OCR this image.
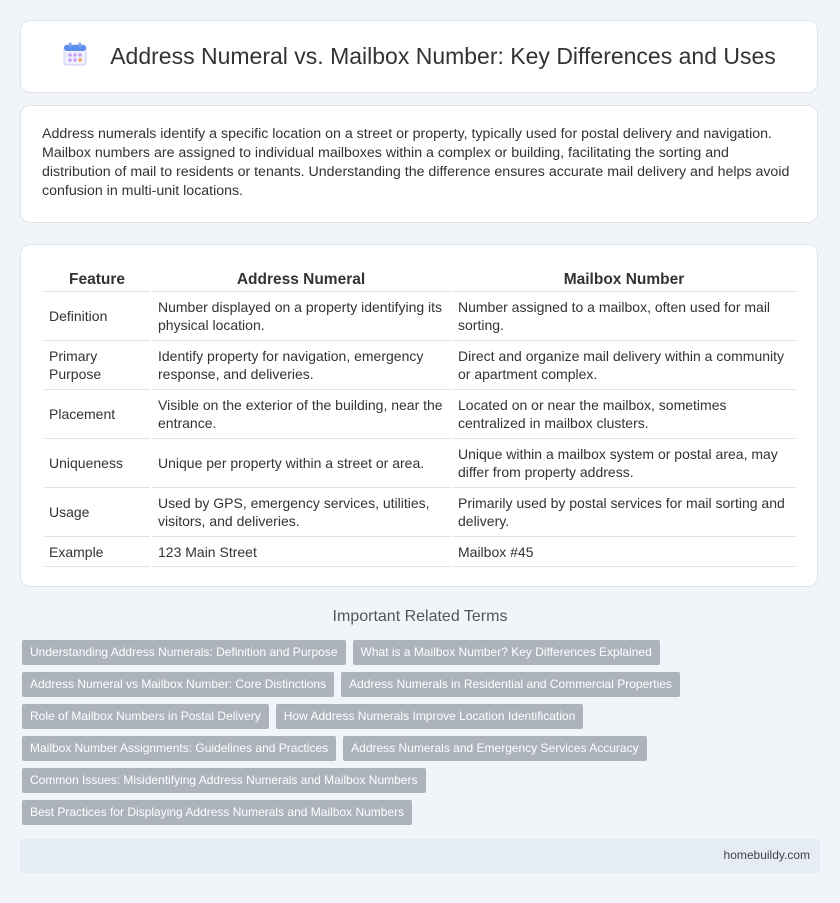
Address Numeral vs. Mailbox Number: Key Differences and Uses

Address numerals identify a specific location on a street or property, typically used for postal delivery and navigation. Mailbox numbers are assigned to individual mailboxes within a complex or building, facilitating the sorting and distribution of mail to residents or tenants. Understanding the difference ensures accurate mail delivery and helps avoid confusion in multi-unit locations.

Feature	Address Numeral	Mailbox Number
Definition	Number displayed on a property identifying its physical location.	Number assigned to a mailbox, often used for mail sorting.
Primary Purpose	Identify property for navigation, emergency response, and deliveries.	Direct and organize mail delivery within a community or apartment complex.
Placement	Visible on the exterior of the building, near the entrance.	Located on or near the mailbox, sometimes centralized in mailbox clusters.
Uniqueness	Unique per property within a street or area.	Unique within a mailbox system or postal area, may differ from property address.
Usage	Used by GPS, emergency services, utilities, visitors, and deliveries.	Primarily used by postal services for mail sorting and delivery.
Example	123 Main Street	Mailbox #45
Important Related Terms
Understanding Address Numerals: Definition and Purpose	What is a Mailbox Number? Key Differences Explained
Address Numeral vs Mailbox Number: Core Distinctions	Address Numerals in Residential and Commercial Properties
Role of Mailbox Numbers in Postal Delivery	How Address Numerals Improve Location Identification
Mailbox Number Assignments: Guidelines and Practices	Address Numerals and Emergency Services Accuracy
Common Issues: Misidentifying Address Numerals and Mailbox Numbers
Best Practices for Displaying Address Numerals and Mailbox Numbers
homebuildy.com
